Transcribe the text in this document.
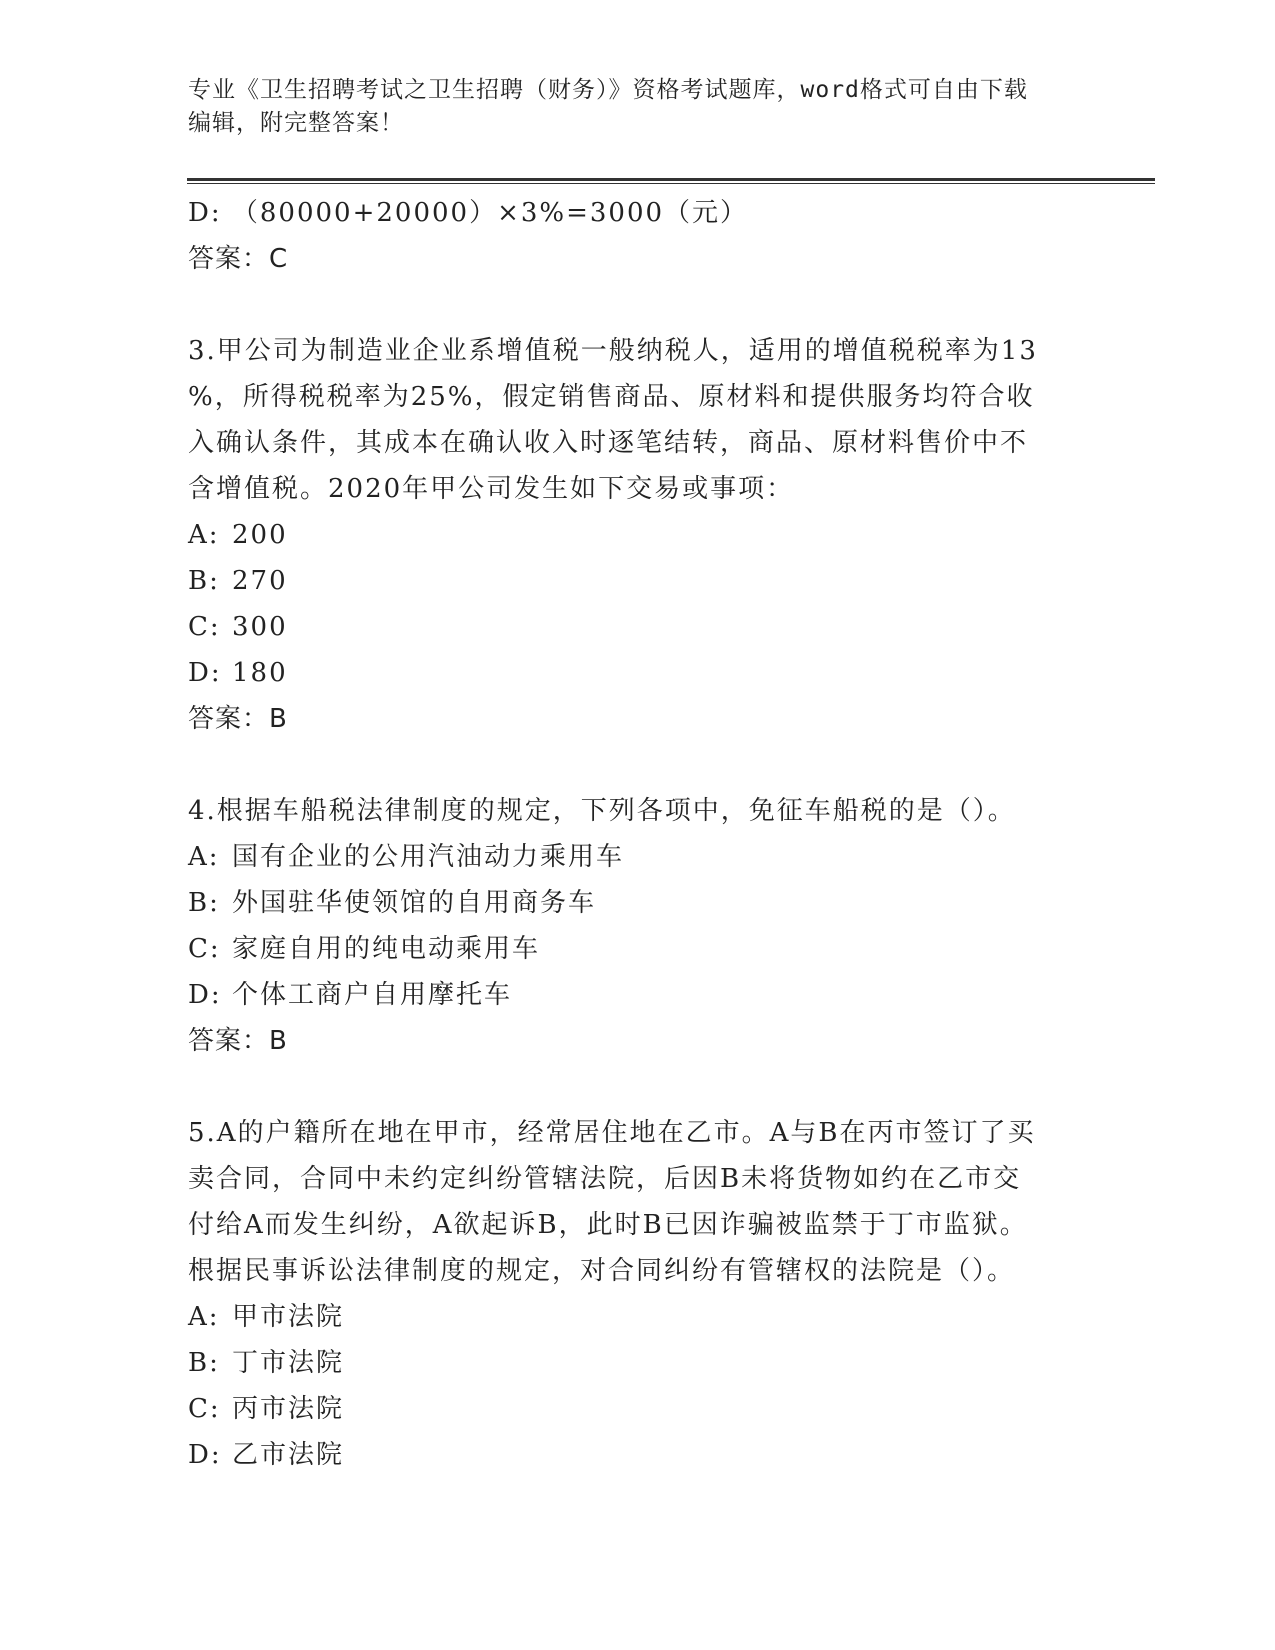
专业《卫生招聘考试之卫生招聘（财务）》资格考试题库，word格式可自由下载
编辑，附完整答案！
D: （80000+20000）×3%=3000（元）
答案：C
3.甲公司为制造业企业系增值税一般纳税人，适用的增值税税率为13
%，所得税税率为25%，假定销售商品、原材料和提供服务均符合收
入确认条件，其成本在确认收入时逐笔结转，商品、原材料售价中不
含增值税。2020年甲公司发生如下交易或事项：
A: 200
B: 270
C: 300
D: 180
答案：B
4.根据车船税法律制度的规定，下列各项中，免征车船税的是（）。
A: 国有企业的公用汽油动力乘用车
B: 外国驻华使领馆的自用商务车
C: 家庭自用的纯电动乘用车
D: 个体工商户自用摩托车
答案：B
5.A的户籍所在地在甲市，经常居住地在乙市。A与B在丙市签订了买
卖合同，合同中未约定纠纷管辖法院，后因B未将货物如约在乙市交
付给A而发生纠纷，A欲起诉B，此时B已因诈骗被监禁于丁市监狱。
根据民事诉讼法律制度的规定，对合同纠纷有管辖权的法院是（）。
A: 甲市法院
B: 丁市法院
C: 丙市法院
D: 乙市法院
